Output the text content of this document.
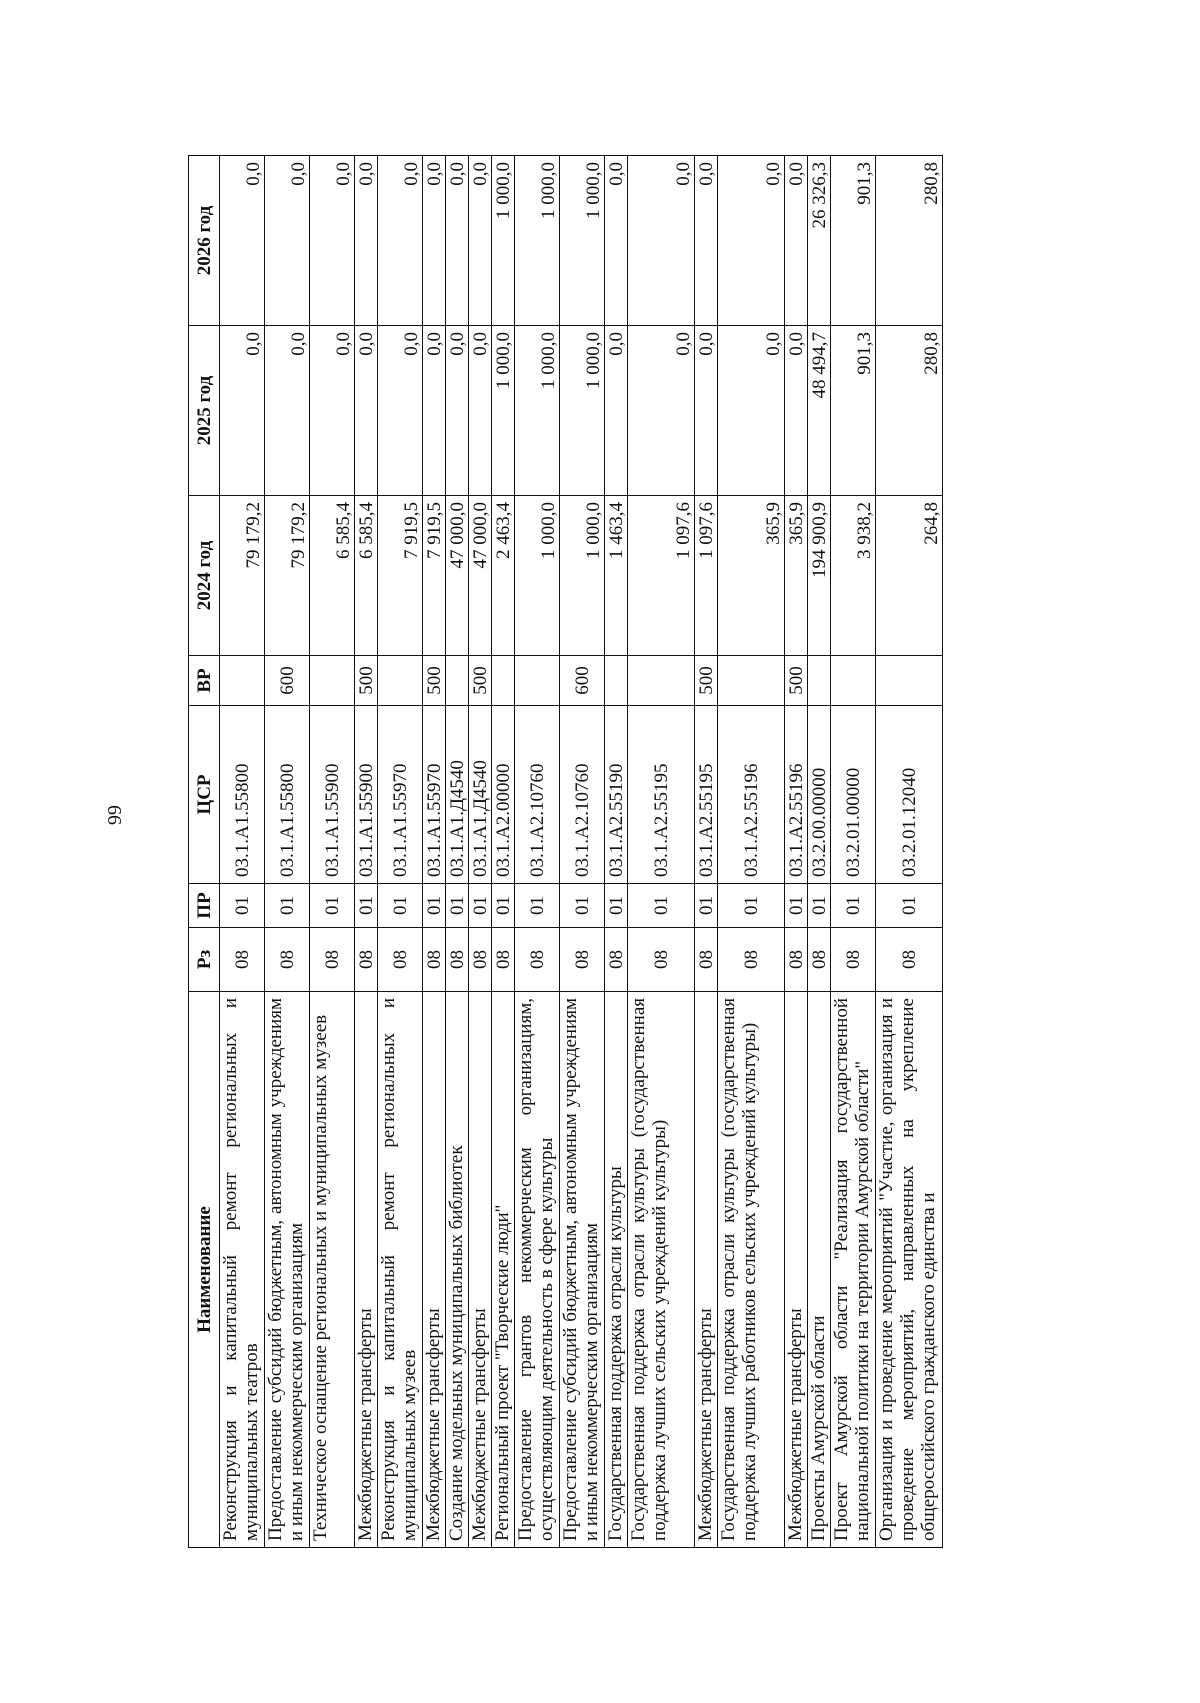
66
Наименование	Рз	ПР	ЦСР	ВР	2024 год	2025 год	2026 год
Реконструкция и капитальный ремонт региональных и муниципальных театров	08	01	03.1.А1.55800		79 179,2	0,0	0,0
Предоставление субсидий бюджетным, автономным учреждениям и иным некоммерческим организациям	08	01	03.1.А1.55800	600	79 179,2	0,0	0,0
Техническое оснащение региональных и муниципальных музеев	08	01	03.1.А1.55900		6 585,4	0,0	0,0
Межбюджетные трансферты	08	01	03.1.А1.55900	500	6 585,4	0,0	0,0
Реконструкция и капитальный ремонт региональных и муниципальных музеев	08	01	03.1.А1.55970		7 919,5	0,0	0,0
Межбюджетные трансферты	08	01	03.1.А1.55970	500	7 919,5	0,0	0,0
Создание модельных муниципальных библиотек	08	01	03.1.А1.Д4540		47 000,0	0,0	0,0
Межбюджетные трансферты	08	01	03.1.А1.Д4540	500	47 000,0	0,0	0,0
Региональный проект "Творческие люди"	08	01	03.1.А2.00000		2 463,4	1 000,0	1 000,0
Предоставление грантов некоммерческим организациям, осуществляющим деятельность в сфере культуры	08	01	03.1.А2.10760		1 000,0	1 000,0	1 000,0
Предоставление субсидий бюджетным, автономным учреждениям и иным некоммерческим организациям	08	01	03.1.А2.10760	600	1 000,0	1 000,0	1 000,0
Государственная поддержка отрасли культуры	08	01	03.1.А2.55190		1 463,4	0,0	0,0
Государственная поддержка отрасли культуры (государственная поддержка лучших сельских учреждений культуры)	08	01	03.1.А2.55195		1 097,6	0,0	0,0
Межбюджетные трансферты	08	01	03.1.А2.55195	500	1 097,6	0,0	0,0
Государственная поддержка отрасли культуры (государственная поддержка лучших работников сельских учреждений культуры)	08	01	03.1.А2.55196		365,9	0,0	0,0
Межбюджетные трансферты	08	01	03.1.А2.55196	500	365,9	0,0	0,0
Проекты Амурской области	08	01	03.2.00.00000		194 900,9	48 494,7	26 326,3
Проект Амурской области "Реализация государственной национальной политики на территории Амурской области"	08	01	03.2.01.00000		3 938,2	901,3	901,3
Организация и проведение мероприятий "Участие, организация и проведение мероприятий, направленных на укрепление общероссийского гражданского единства и	08	01	03.2.01.12040		264,8	280,8	280,8
